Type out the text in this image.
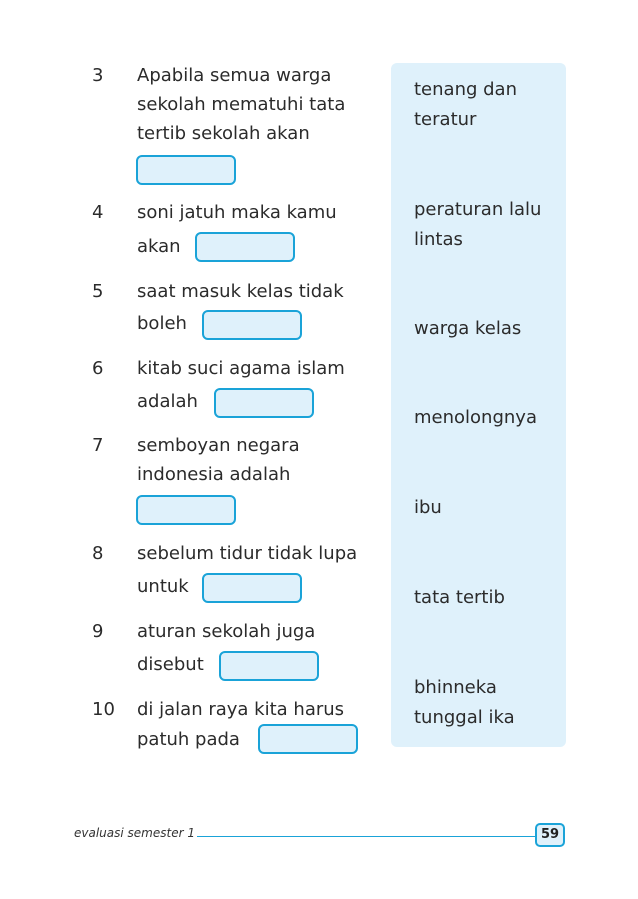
3	Apabila semua warga
sekolah mematuhi tata
tertib sekolah akan
4	soni jatuh maka kamu
akan
5	saat masuk kelas tidak
boleh
6	kitab suci agama islam
adalah
7	semboyan negara
indonesia adalah
8	sebelum tidur tidak lupa
untuk
9	aturan sekolah juga
disebut
10	di jalan raya kita harus
patuh pada
tenang dan
teratur
peraturan lalu
lintas
warga kelas
menolongnya
ibu
tata tertib
bhinneka
tunggal ika
evaluasi semester 1	59
